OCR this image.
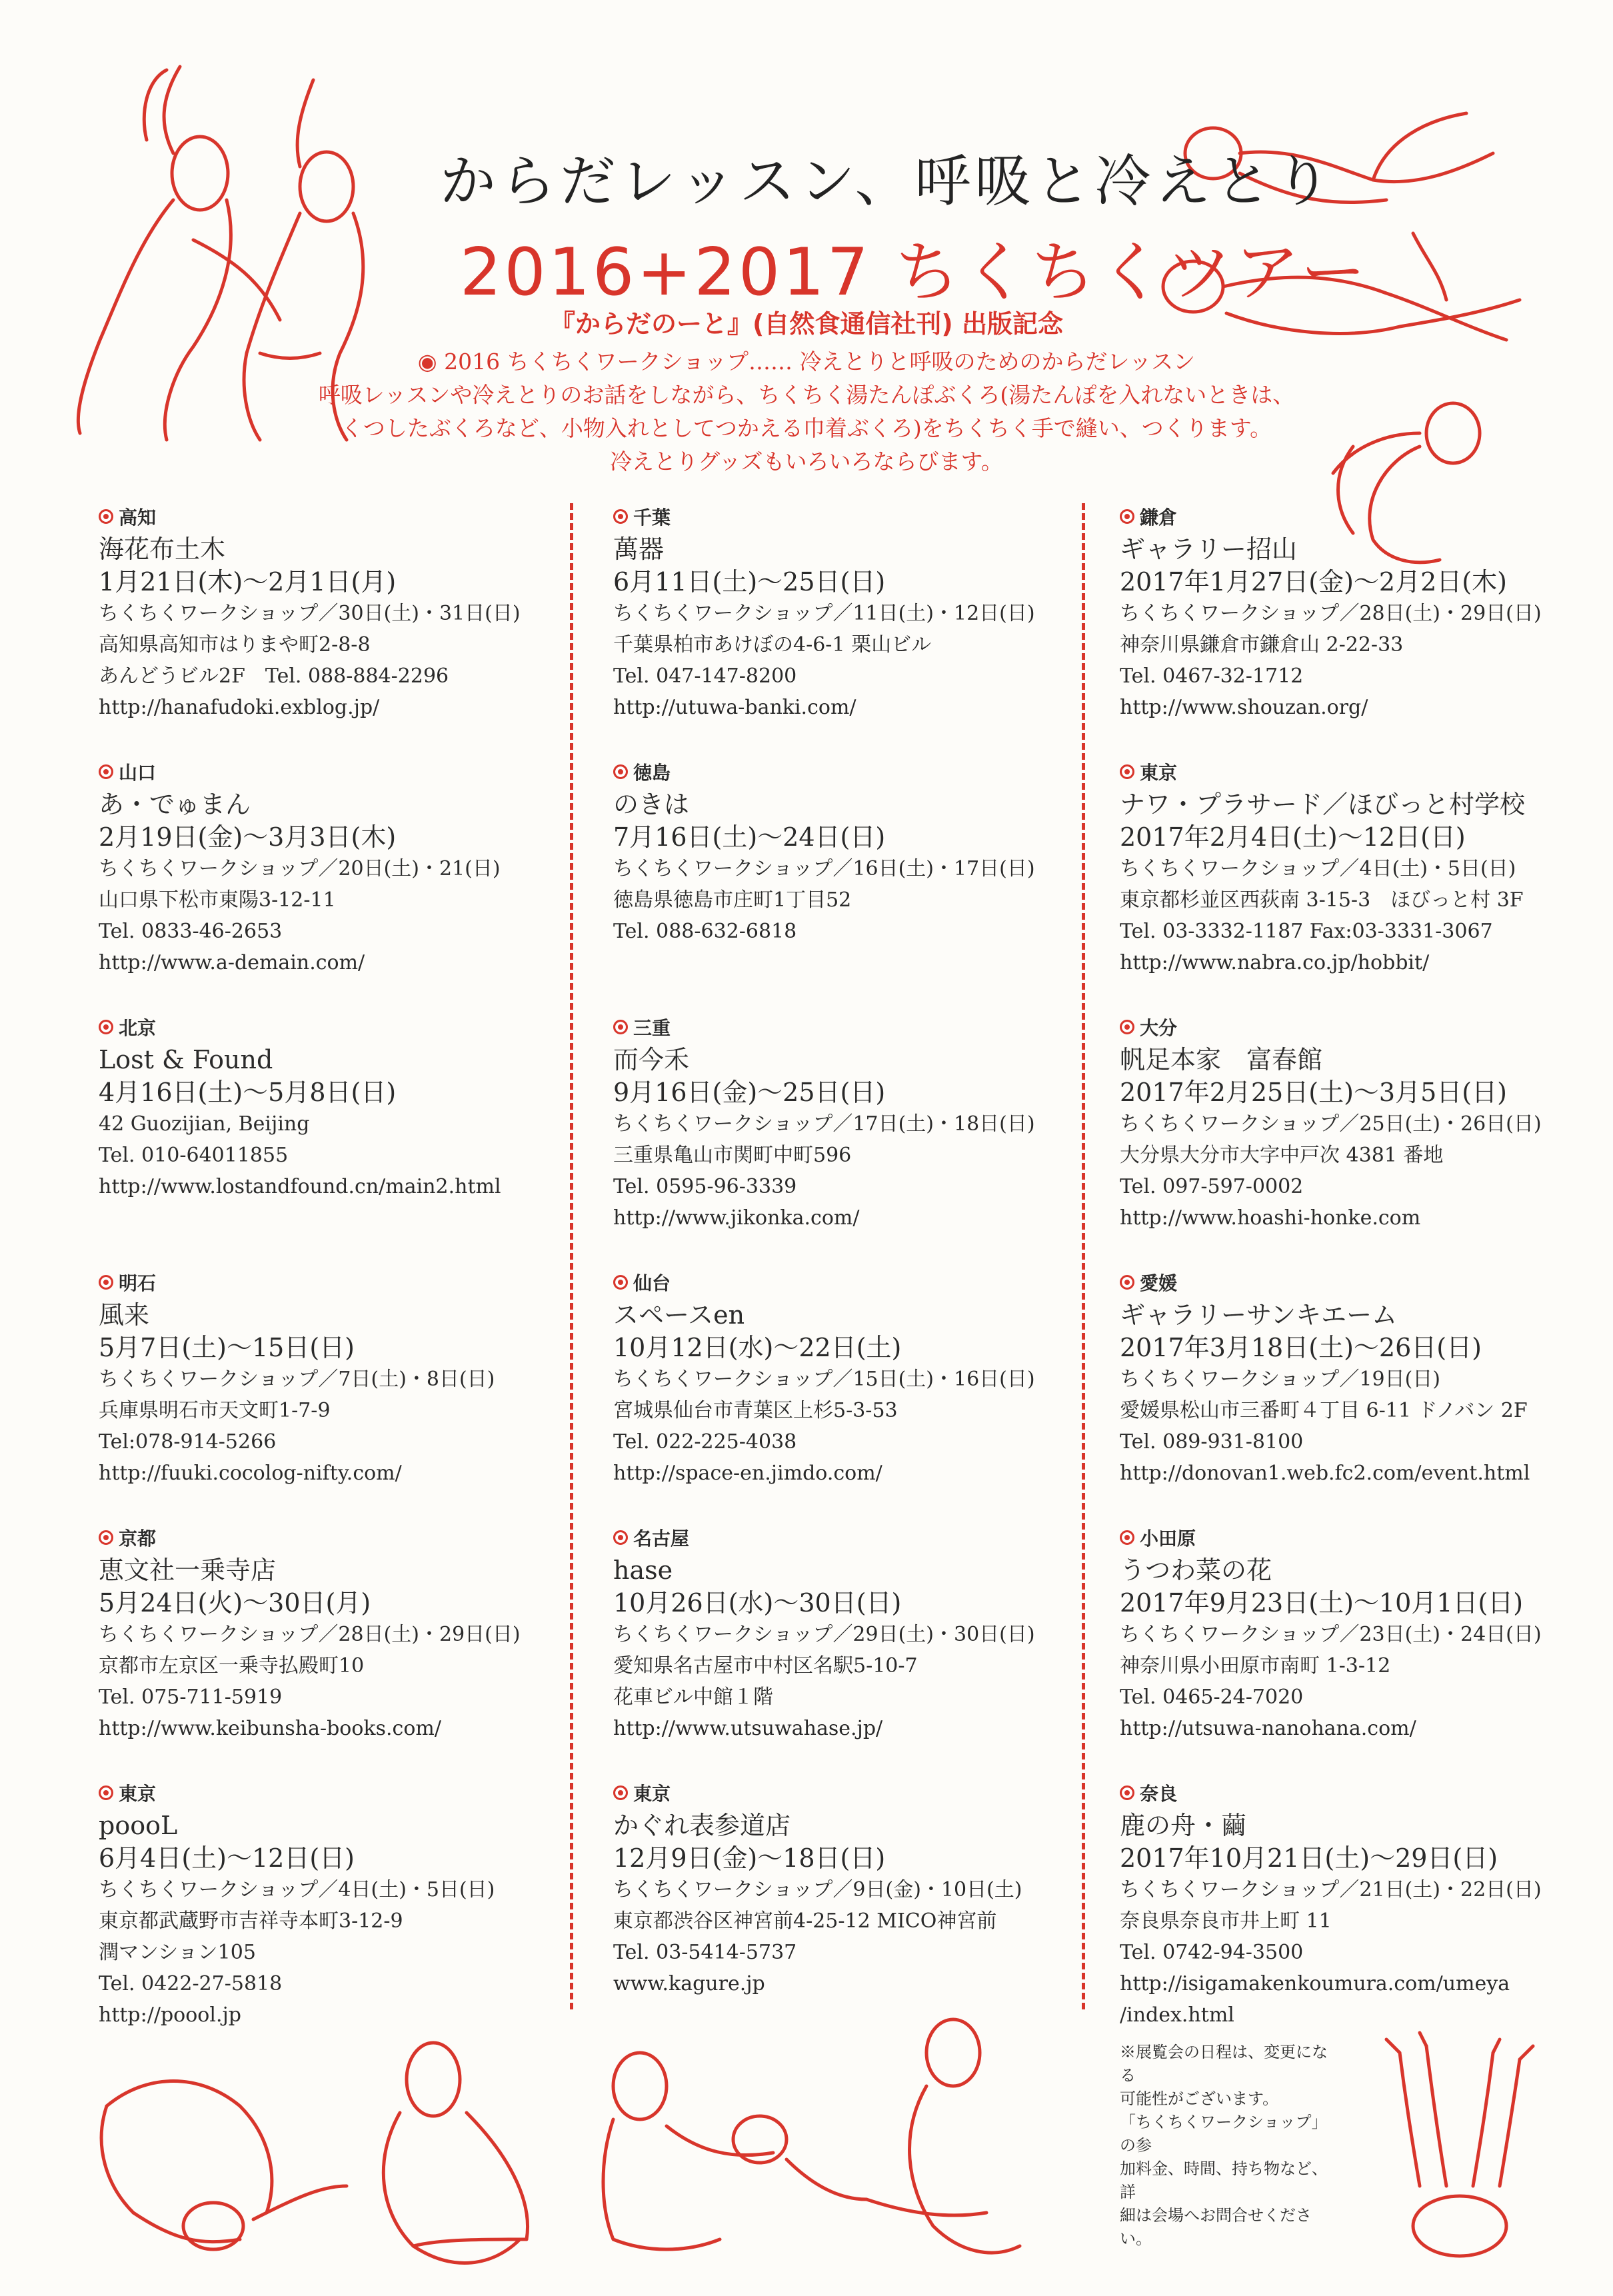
からだレッスン、呼吸と冷えとり
2016+2017 ちくちくツアー
『からだのーと』(自然食通信社刊) 出版記念
◉ 2016 ちくちくワークショップ…… 冷えとりと呼吸のためのからだレッスン
呼吸レッスンや冷えとりのお話をしながら、ちくちく湯たんぽぶくろ(湯たんぽを入れないときは、
くつしたぶくろなど、小物入れとしてつかえる巾着ぶくろ)をちくちく手で縫い、つくります。
冷えとりグッズもいろいろならびます。
高知
海花布土木
1月21日(木)～2月1日(月)
ちくちくワークショップ／30日(土)・31日(日)
高知県高知市はりまや町2-8-8
あんどうビル2F　Tel. 088-884-2296
http://hanafudoki.exblog.jp/
山口
あ・でゅまん
2月19日(金)～3月3日(木)
ちくちくワークショップ／20日(土)・21(日)
山口県下松市東陽3-12-11
Tel. 0833-46-2653
http://www.a-demain.com/
北京
Lost & Found
4月16日(土)～5月8日(日)
42 Guozijian, Beijing
Tel. 010-64011855
http://www.lostandfound.cn/main2.html
明石
風来
5月7日(土)～15日(日)
ちくちくワークショップ／7日(土)・8日(日)
兵庫県明石市天文町1-7-9
Tel:078-914-5266
http://fuuki.cocolog-nifty.com/
京都
恵文社一乗寺店
5月24日(火)～30日(月)
ちくちくワークショップ／28日(土)・29日(日)
京都市左京区一乗寺払殿町10
Tel. 075-711-5919
http://www.keibunsha-books.com/
東京
poooL
6月4日(土)～12日(日)
ちくちくワークショップ／4日(土)・5日(日)
東京都武蔵野市吉祥寺本町3-12-9
潤マンション105
Tel. 0422-27-5818
http://poool.jp
千葉
萬器
6月11日(土)～25日(日)
ちくちくワークショップ／11日(土)・12日(日)
千葉県柏市あけぼの4-6-1 栗山ビル
Tel. 047-147-8200
http://utuwa-banki.com/
徳島
のきは
7月16日(土)～24日(日)
ちくちくワークショップ／16日(土)・17日(日)
徳島県徳島市庄町1丁目52
Tel. 088-632-6818
三重
而今禾
9月16日(金)～25日(日)
ちくちくワークショップ／17日(土)・18日(日)
三重県亀山市関町中町596
Tel. 0595-96-3339
http://www.jikonka.com/
仙台
スペースen
10月12日(水)～22日(土)
ちくちくワークショップ／15日(土)・16日(日)
宮城県仙台市青葉区上杉5-3-53
Tel. 022-225-4038
http://space-en.jimdo.com/
名古屋
hase
10月26日(水)～30日(日)
ちくちくワークショップ／29日(土)・30日(日)
愛知県名古屋市中村区名駅5-10-7
花車ビル中館１階
http://www.utsuwahase.jp/
東京
かぐれ表参道店
12月9日(金)～18日(日)
ちくちくワークショップ／9日(金)・10日(土)
東京都渋谷区神宮前4-25-12 MICO神宮前
Tel. 03-5414-5737
www.kagure.jp
鎌倉
ギャラリー招山
2017年1月27日(金)～2月2日(木)
ちくちくワークショップ／28日(土)・29日(日)
神奈川県鎌倉市鎌倉山 2-22-33
Tel. 0467-32-1712
http://www.shouzan.org/
東京
ナワ・プラサード／ほびっと村学校
2017年2月4日(土)～12日(日)
ちくちくワークショップ／4日(土)・5日(日)
東京都杉並区西荻南 3-15-3　ほびっと村 3F
Tel. 03-3332-1187 Fax:03-3331-3067
http://www.nabra.co.jp/hobbit/
大分
帆足本家　富春館
2017年2月25日(土)～3月5日(日)
ちくちくワークショップ／25日(土)・26日(日)
大分県大分市大字中戸次 4381 番地
Tel. 097-597-0002
http://www.hoashi-honke.com
愛媛
ギャラリーサンキエーム
2017年3月18日(土)～26日(日)
ちくちくワークショップ／19日(日)
愛媛県松山市三番町４丁目 6-11 ドノバン 2F
Tel. 089-931-8100
http://donovan1.web.fc2.com/event.html
小田原
うつわ菜の花
2017年9月23日(土)～10月1日(日)
ちくちくワークショップ／23日(土)・24日(日)
神奈川県小田原市南町 1-3-12
Tel. 0465-24-7020
http://utsuwa-nanohana.com/
奈良
鹿の舟・繭
2017年10月21日(土)～29日(日)
ちくちくワークショップ／21日(土)・22日(日)
奈良県奈良市井上町 11
Tel. 0742-94-3500
http://isigamakenkoumura.com/umeya
/index.html
※展覧会の日程は、変更になる
可能性がございます。
「ちくちくワークショップ」の参
加料金、時間、持ち物など、詳
細は会場へお問合せください。
